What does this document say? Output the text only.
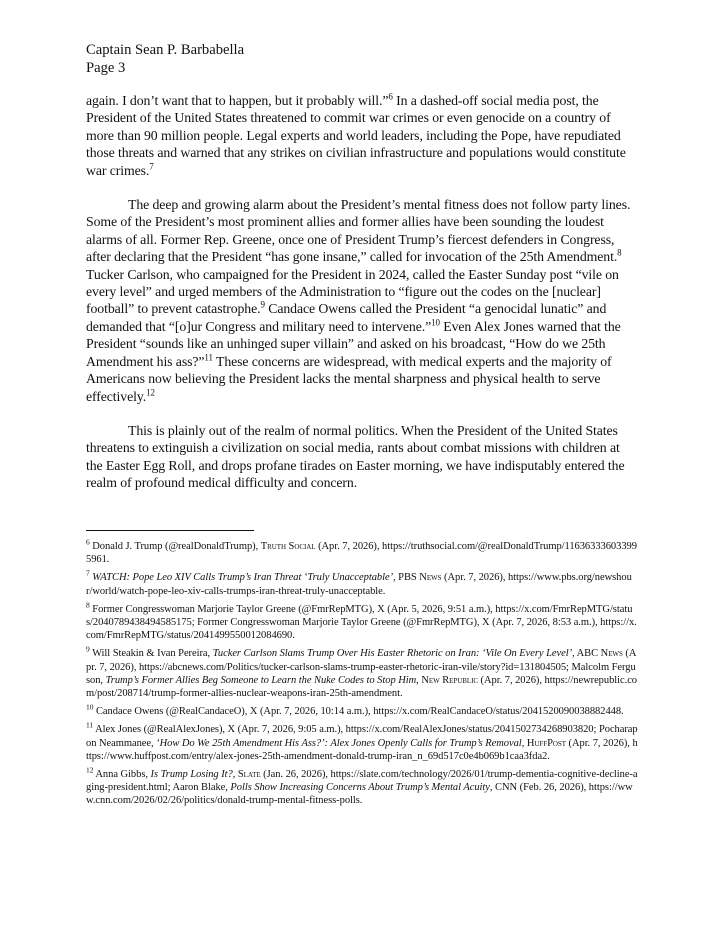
Captain Sean P. Barbabella
Page 3

again. I don’t want that to happen, but it probably will.”$^6$ In a dashed-off social media post, the President of the United States threatened to commit war crimes or even genocide on a country of more than 90 million people. Legal experts and world leaders, including the Pope, have repudiated those threats and warned that any strikes on civilian infrastructure and populations would constitute war crimes.$^7$

The deep and growing alarm about the President’s mental fitness does not follow party lines. Some of the President’s most prominent allies and former allies have been sounding the loudest alarms of all. Former Rep. Greene, once one of President Trump’s fiercest defenders in Congress, after declaring that the President “has gone insane,” called for invocation of the 25th Amendment.$^8$ Tucker Carlson, who campaigned for the President in 2024, called the Easter Sunday post “vile on every level” and urged members of the Administration to “figure out the codes on the [nuclear] football” to prevent catastrophe.$^9$ Candace Owens called the President “a genocidal lunatic” and demanded that “[o]ur Congress and military need to intervene.”$^{10}$ Even Alex Jones warned that the President “sounds like an unhinged super villain” and asked on his broadcast, “How do we 25th Amendment his ass?”$^{11}$ These concerns are widespread, with medical experts and the majority of Americans now believing the President lacks the mental sharpness and physical health to serve effectively.$^{12}$

This is plainly out of the realm of normal politics. When the President of the United States threatens to extinguish a civilization on social media, rants about combat missions with children at the Easter Egg Roll, and drops profane tirades on Easter morning, we have indisputably entered the realm of profound medical difficulty and concern.

$^6$ Donald J. Trump (@realDonaldTrump), Truth Social (Apr. 7, 2026), https://truthsocial.com/@realDonaldTrump/116363336033995961.
$^7$ WATCH: Pope Leo XIV Calls Trump’s Iran Threat ‘Truly Unacceptable’, PBS News (Apr. 7, 2026), https://www.pbs.org/newshour/world/watch-pope-leo-xiv-calls-trumps-iran-threat-truly-unacceptable.
$^8$ Former Congresswoman Marjorie Taylor Greene (@FmrRepMTG), X (Apr. 5, 2026, 9:51 a.m.), https://x.com/FmrRepMTG/status/2040789438494585175; Former Congresswoman Marjorie Taylor Greene (@FmrRepMTG), X (Apr. 7, 2026, 8:53 a.m.), https://x.com/FmrRepMTG/status/2041499550012084690.
$^9$ Will Steakin & Ivan Pereira, Tucker Carlson Slams Trump Over His Easter Rhetoric on Iran: ‘Vile On Every Level’, ABC News (Apr. 7, 2026), https://abcnews.com/Politics/tucker-carlson-slams-trump-easter-rhetoric-iran-vile/story?id=131804505; Malcolm Ferguson, Trump’s Former Allies Beg Someone to Learn the Nuke Codes to Stop Him, New Republic (Apr. 7, 2026), https://newrepublic.com/post/208714/trump-former-allies-nuclear-weapons-iran-25th-amendment.
$^{10}$ Candace Owens (@RealCandaceO), X (Apr. 7, 2026, 10:14 a.m.), https://x.com/RealCandaceO/status/2041520090038882448.
$^{11}$ Alex Jones (@RealAlexJones), X (Apr. 7, 2026, 9:05 a.m.), https://x.com/RealAlexJones/status/2041502734268903820; Pocharapon Neammanee, ‘How Do We 25th Amendment His Ass?’: Alex Jones Openly Calls for Trump’s Removal, HuffPost (Apr. 7, 2026), https://www.huffpost.com/entry/alex-jones-25th-amendment-donald-trump-iran_n_69d517c0e4b069b1caa3fda2.
$^{12}$ Anna Gibbs, Is Trump Losing It?, Slate (Jan. 26, 2026), https://slate.com/technology/2026/01/trump-dementia-cognitive-decline-aging-president.html; Aaron Blake, Polls Show Increasing Concerns About Trump’s Mental Acuity, CNN (Feb. 26, 2026), https://www.cnn.com/2026/02/26/politics/donald-trump-mental-fitness-polls.
